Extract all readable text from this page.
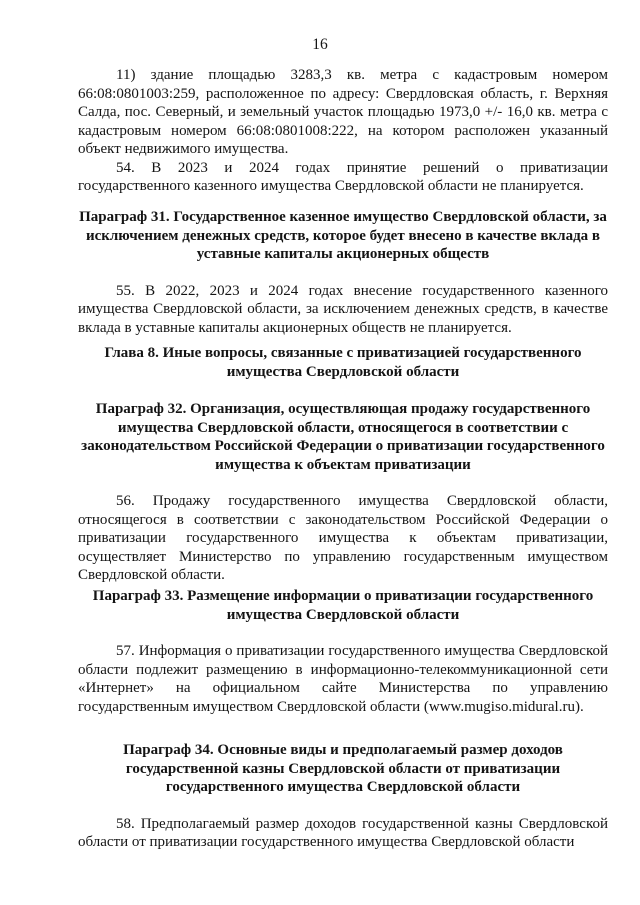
16

11) здание площадью 3283,3 кв. метра с кадастровым номером 66:08:0801003:259, расположенное по адресу: Свердловская область, г. Верхняя Салда, пос. Северный, и земельный участок площадью 1973,0 +/- 16,0 кв. метра с кадастровым номером 66:08:0801008:222, на котором расположен указанный объект недвижимого имущества.

54. В 2023 и 2024 годах принятие решений о приватизации государственного казенного имущества Свердловской области не планируется.

Параграф 31. Государственное казенное имущество Свердловской области, за исключением денежных средств, которое будет внесено в качестве вклада в уставные капиталы акционерных обществ

55. В 2022, 2023 и 2024 годах внесение государственного казенного имущества Свердловской области, за исключением денежных средств, в качестве вклада в уставные капиталы акционерных обществ не планируется.

Глава 8. Иные вопросы, связанные с приватизацией государственного имущества Свердловской области

Параграф 32. Организация, осуществляющая продажу государственного имущества Свердловской области, относящегося в соответствии с законодательством Российской Федерации о приватизации государственного имущества к объектам приватизации

56. Продажу государственного имущества Свердловской области, относящегося в соответствии с законодательством Российской Федерации о приватизации государственного имущества к объектам приватизации, осуществляет Министерство по управлению государственным имуществом Свердловской области.

Параграф 33. Размещение информации о приватизации государственного имущества Свердловской области

57. Информация о приватизации государственного имущества Свердловской области подлежит размещению в информационно-телекоммуникационной сети «Интернет» на официальном сайте Министерства по управлению государственным имуществом Свердловской области (www.mugiso.midural.ru).

Параграф 34. Основные виды и предполагаемый размер доходов государственной казны Свердловской области от приватизации государственного имущества Свердловской области

58. Предполагаемый размер доходов государственной казны Свердловской области от приватизации государственного имущества Свердловской области
